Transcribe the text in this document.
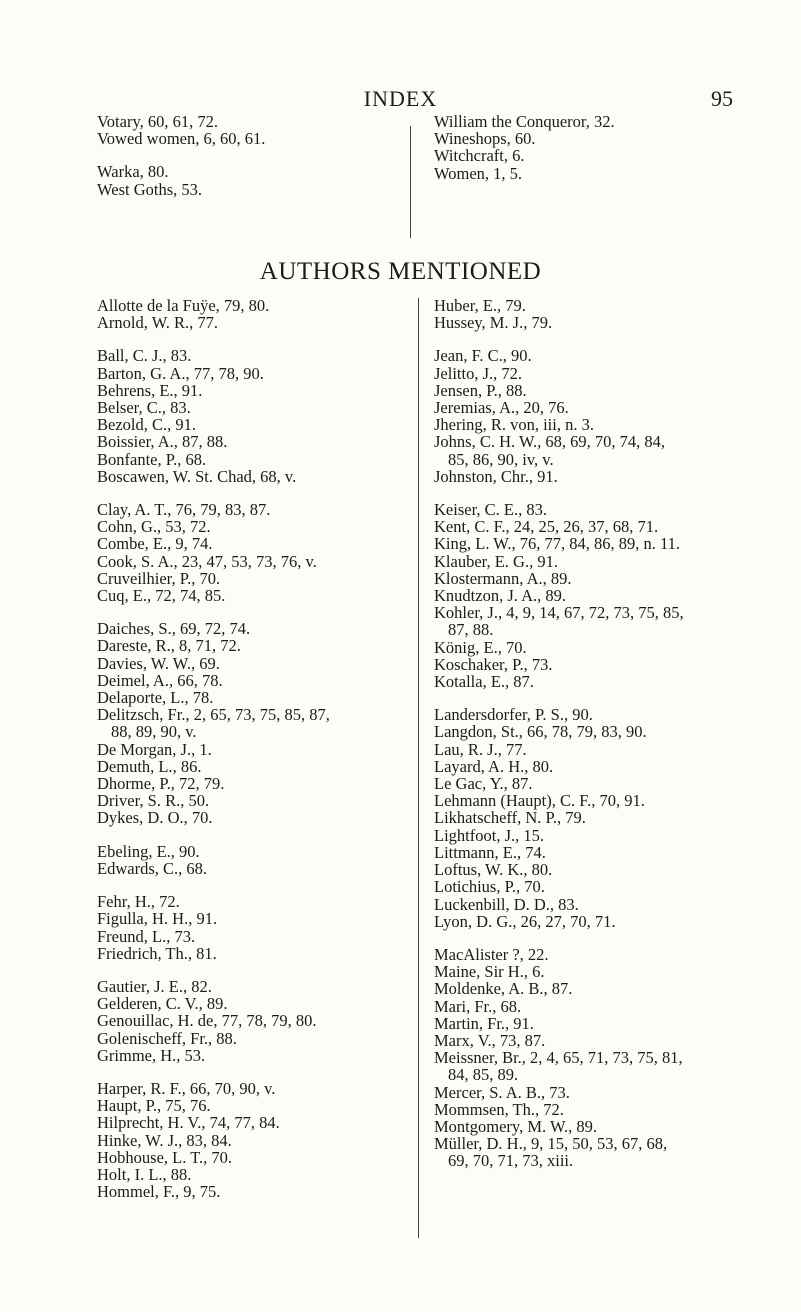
INDEX	95
Votary, 60, 61, 72.
Vowed women, 6, 60, 61.
Warka, 80.
West Goths, 53.
William the Conqueror, 32.
Wineshops, 60.
Witchcraft, 6.
Women, 1, 5.
AUTHORS MENTIONED
Allotte de la Fuÿe, 79, 80.
Arnold, W. R., 77.
Ball, C. J., 83.
Barton, G. A., 77, 78, 90.
Behrens, E., 91.
Belser, C., 83.
Bezold, C., 91.
Boissier, A., 87, 88.
Bonfante, P., 68.
Boscawen, W. St. Chad, 68, v.
Clay, A. T., 76, 79, 83, 87.
Cohn, G., 53, 72.
Combe, E., 9, 74.
Cook, S. A., 23, 47, 53, 73, 76, v.
Cruveilhier, P., 70.
Cuq, E., 72, 74, 85.
Daiches, S., 69, 72, 74.
Dareste, R., 8, 71, 72.
Davies, W. W., 69.
Deimel, A., 66, 78.
Delaporte, L., 78.
Delitzsch, Fr., 2, 65, 73, 75, 85, 87,
88, 89, 90, v.
De Morgan, J., 1.
Demuth, L., 86.
Dhorme, P., 72, 79.
Driver, S. R., 50.
Dykes, D. O., 70.
Ebeling, E., 90.
Edwards, C., 68.
Fehr, H., 72.
Figulla, H. H., 91.
Freund, L., 73.
Friedrich, Th., 81.
Gautier, J. E., 82.
Gelderen, C. V., 89.
Genouillac, H. de, 77, 78, 79, 80.
Golenischeff, Fr., 88.
Grimme, H., 53.
Harper, R. F., 66, 70, 90, v.
Haupt, P., 75, 76.
Hilprecht, H. V., 74, 77, 84.
Hinke, W. J., 83, 84.
Hobhouse, L. T., 70.
Holt, I. L., 88.
Hommel, F., 9, 75.
Huber, E., 79.
Hussey, M. J., 79.
Jean, F. C., 90.
Jelitto, J., 72.
Jensen, P., 88.
Jeremias, A., 20, 76.
Jhering, R. von, iii, n. 3.
Johns, C. H. W., 68, 69, 70, 74, 84,
85, 86, 90, iv, v.
Johnston, Chr., 91.
Keiser, C. E., 83.
Kent, C. F., 24, 25, 26, 37, 68, 71.
King, L. W., 76, 77, 84, 86, 89, n. 11.
Klauber, E. G., 91.
Klostermann, A., 89.
Knudtzon, J. A., 89.
Kohler, J., 4, 9, 14, 67, 72, 73, 75, 85,
87, 88.
König, E., 70.
Koschaker, P., 73.
Kotalla, E., 87.
Landersdorfer, P. S., 90.
Langdon, St., 66, 78, 79, 83, 90.
Lau, R. J., 77.
Layard, A. H., 80.
Le Gac, Y., 87.
Lehmann (Haupt), C. F., 70, 91.
Likhatscheff, N. P., 79.
Lightfoot, J., 15.
Littmann, E., 74.
Loftus, W. K., 80.
Lotichius, P., 70.
Luckenbill, D. D., 83.
Lyon, D. G., 26, 27, 70, 71.
MacAlister ?, 22.
Maine, Sir H., 6.
Moldenke, A. B., 87.
Mari, Fr., 68.
Martin, Fr., 91.
Marx, V., 73, 87.
Meissner, Br., 2, 4, 65, 71, 73, 75, 81,
84, 85, 89.
Mercer, S. A. B., 73.
Mommsen, Th., 72.
Montgomery, M. W., 89.
Müller, D. H., 9, 15, 50, 53, 67, 68,
69, 70, 71, 73, xiii.
